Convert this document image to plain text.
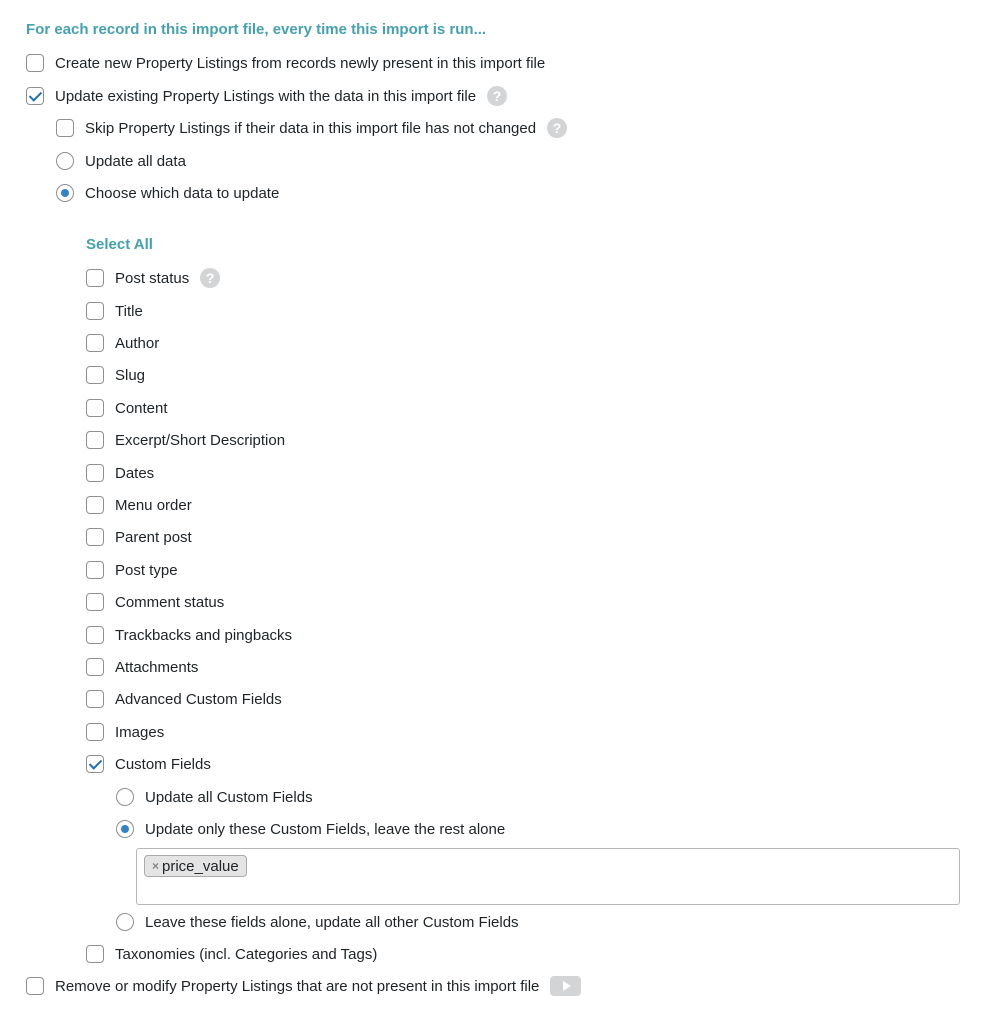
For each record in this import file, every time this import is run...
Create new Property Listings from records newly present in this import file
Update existing Property Listings with the data in this import file	?
Skip Property Listings if their data in this import file has not changed	?
Update all data
Choose which data to update
Select All
Post status	?
Title
Author
Slug
Content
Excerpt/Short Description
Dates
Menu order
Parent post
Post type
Comment status
Trackbacks and pingbacks
Attachments
Advanced Custom Fields
Images
Custom Fields
Update all Custom Fields
Update only these Custom Fields, leave the rest alone
× price_value
Leave these fields alone, update all other Custom Fields
Taxonomies (incl. Categories and Tags)
Remove or modify Property Listings that are not present in this import file
